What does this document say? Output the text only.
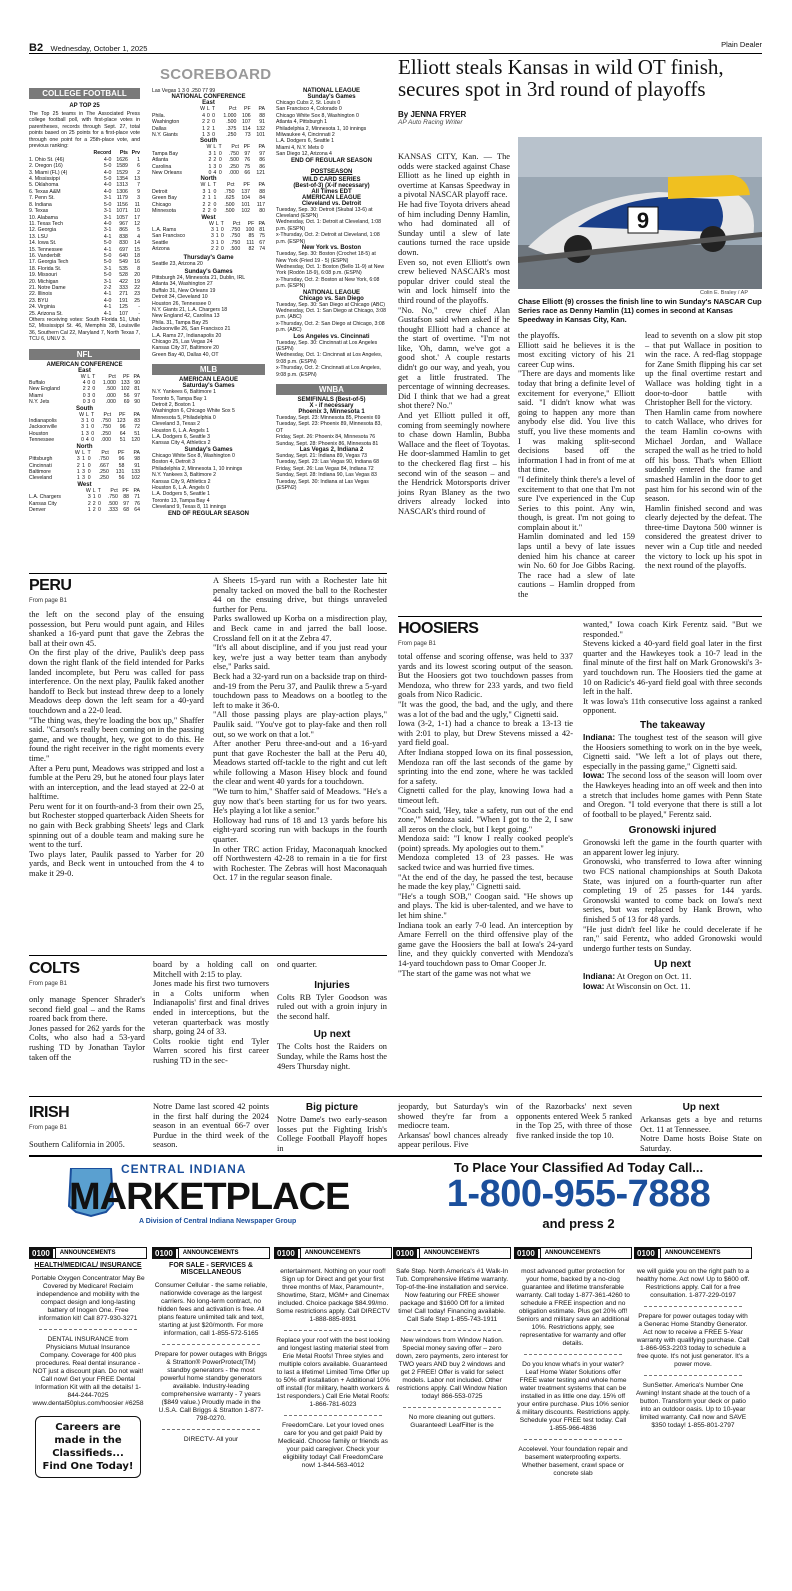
B2 Wednesday, October 1, 2025	Plain Dealer
SCOREBOARD
COLLEGE FOOTBALL
AP TOP 25
The Top 25 teams in The Associated Press college football poll, with first-place votes in parentheses, records through Sept. 27, total points based on 25 points for a first-place vote through one point for a 25th-place vote, and previous ranking:
	Record	Pts	Prv
1. Ohio St. (46)	4-0	1626	1
2. Oregon (16)	5-0	1589	6
3. Miami (FL) (4)	4-0	1529	2
4. Mississippi	5-0	1354	13
5. Oklahoma	4-0	1313	7
6. Texas A&M	4-0	1306	9
7. Penn St.	3-1	1179	3
8. Indiana	5-0	1156	11
9. Texas	3-1	1071	10
10. Alabama	3-1	1057	17
11. Texas Tech	4-0	967	12
12. Georgia	3-1	865	5
13. LSU	4-1	838	4
14. Iowa St.	5-0	830	14
15. Tennessee	4-1	697	15
16. Vanderbilt	5-0	640	18
17. Georgia Tech	5-0	549	16
18. Florida St.	3-1	535	8
19. Missouri	5-0	528	20
20. Michigan	3-1	422	19
21. Notre Dame	2-2	333	22
22. Illinois	4-1	271	23
23. BYU	4-0	191	25
24. Virginia	4-1	125	-
25. Arizona St.	4-1	107	-
Others receiving votes: South Florida 51, Utah 52, Mississippi St. 46, Memphis 38, Louisville 36, Southern Cal 22, Maryland 7, North Texas 7, TCU 6, UNLV 3.
NFL
AMERICAN CONFERENCE
East
	W	L	T	Pct	PF	PA
Buffalo	4	0	0	1.000	133	90
New England	2	2	0	.500	102	81
Miami	0	3	0	.000	56	97
N.Y. Jets	0	3	0	.000	69	90
South
	W	L	T	Pct	PF	PA
Indianapolis	3	1	0	.750	123	83
Jacksonville	3	1	0	.750	96	72
Houston	1	3	0	.250	64	51
Tennessee	0	4	0	.000	51	120
North
	W	L	T	Pct	PF	PA
Pittsburgh	3	1	0	.750	96	98
Cincinnati	2	1	0	.667	58	91
Baltimore	1	3	0	.250	131	133
Cleveland	1	3	0	.250	56	102
West
	W	L	T	Pct	PF	PA
L.A. Chargers	3	1	0	.750	88	71
Kansas City	2	2	0	.500	97	76
Denver	1	2	0	.333	68	64
Las Vegas 1 3 0 .250 77 99
NATIONAL CONFERENCE
East
	W	L	T	Pct	PF	PA
Phila.	4	0	0	1.000	106	88
Washington	2	2	0	.500	107	91
Dallas	1	2	1	.375	114	132
N.Y. Giants	1	3	0	.250	73	101
South
	W	L	T	Pct	PF	PA
Tampa Bay	3	1	0	.750	97	97
Atlanta	2	2	0	.500	76	86
Carolina	1	3	0	.250	75	86
New Orleans	0	4	0	.000	66	121
North
	W	L	T	Pct	PF	PA
Detroit	3	1	0	.750	137	88
Green Bay	2	1	1	.625	104	84
Chicago	2	2	0	.500	101	117
Minnesota	2	2	0	.500	102	80
West
	W	L	T	Pct	PF	PA
L.A. Rams	3	1	0	.750	100	81
San Francisco	3	1	0	.750	85	75
Seattle	3	1	0	.750	111	67
Arizona	2	2	0	.500	82	74
Thursday's Game
Seattle 23, Arizona 20
Sunday's Games
Pittsburgh 24, Minnesota 21, Dublin, IRL
Atlanta 34, Washington 27
Buffalo 31, New Orleans 19
Detroit 34, Cleveland 10
Houston 26, Tennessee 0
N.Y. Giants 21, L.A. Chargers 18
New England 42, Carolina 13
Phila. 31, Tampa Bay 25
Jacksonville 26, San Francisco 21
L.A. Rams 27, Indianapolis 20
Chicago 25, Las Vegas 24
Kansas City 37, Baltimore 20
Green Bay 40, Dallas 40, OT
MLB
AMERICAN LEAGUE
Saturday's Games
N.Y. Yankees 6, Baltimore 1
Toronto 5, Tampa Bay 1
Detroit 2, Boston 1
Washington 6, Chicago White Sox 5
Minnesota 5, Philadelphia 0
Cleveland 3, Texas 2
Houston 6, L.A. Angels 1
L.A. Dodgers 6, Seattle 3
Kansas City 4, Athletics 2
Sunday's Games
Chicago White Sox 8, Washington 0
Boston 4, Detroit 3
Philadelphia 2, Minnesota 1, 10 innings
N.Y. Yankees 3, Baltimore 2
Kansas City 9, Athletics 2
Houston 6, L.A. Angels 0
L.A. Dodgers 5, Seattle 1
Toronto 13, Tampa Bay 4
Cleveland 9, Texas 8, 11 innings
END OF REGULAR SEASON
NATIONAL LEAGUE
Sunday's Games
Chicago Cubs 2, St. Louis 0
San Francisco 4, Colorado 0
Chicago White Sox 8, Washington 0
Atlanta 4, Pittsburgh 1
Philadelphia 2, Minnesota 1, 10 innings
Milwaukee 4, Cincinnati 2
L.A. Dodgers 6, Seattle 1
Miami 4, N.Y. Mets 0
San Diego 12, Arizona 4
END OF REGULAR SEASON
POSTSEASON
WILD CARD SERIES
(Best-of-3) (X-if necessary)
All Times EDT
AMERICAN LEAGUE
Cleveland vs. Detroit
Tuesday, Sep. 30: Detroit (Skubal 13-6) at Cleveland (ESPN)
Wednesday, Oct. 1: Detroit at Cleveland, 1:08 p.m. (ESPN)
x-Thursday, Oct. 2: Detroit at Cleveland, 1:08 p.m. (ESPN)
New York vs. Boston
Tuesday, Sep. 30: Boston (Crochet 18-5) at New York (Fried 19 - 5) (ESPN)
Wednesday, Oct. 1: Boston (Bello 11-9) at New York (Rodón 18-9), 6:08 p.m. (ESPN)
x-Thursday, Oct. 2: Boston at New York, 6:08 p.m. (ESPN)
NATIONAL LEAGUE
Chicago vs. San Diego
Tuesday, Sep. 30: San Diego at Chicago (ABC)
Wednesday, Oct. 1: San Diego at Chicago, 3:08 p.m. (ABC)
x-Thursday, Oct. 2: San Diego at Chicago, 3:08 p.m. (ABC)
Los Angeles vs. Cincinnati
Tuesday, Sep. 30: Cincinnati at Los Angeles (ESPN)
Wednesday, Oct. 1: Cincinnati at Los Angeles, 9:08 p.m. (ESPN)
x-Thursday, Oct. 2: Cincinnati at Los Angeles, 9:08 p.m. (ESPN)
WNBA
SEMIFINALS (Best-of-5)
X - if necessary
Phoenix 3, Minnesota 1
Tuesday, Sept. 23: Minnesota 85, Phoenix 69
Tuesday, Sept. 23: Phoenix 89, Minnesota 83, OT
Friday, Sept. 26: Phoenix 84, Minnesota 76
Sunday, Sept. 28: Phoenix 86, Minnesota 81
Las Vegas 2, Indiana 2
Sunday, Sept. 21: Indiana 89, Vegas 73
Tuesday, Sept. 23: Las Vegas 90, Indiana 68
Friday, Sept. 26: Las Vegas 84, Indiana 72
Sunday, Sept. 28: Indiana 90, Las Vegas 83
Tuesday, Sept. 30: Indiana at Las Vegas (ESPN2)
Elliott steals Kansas in wild OT finish, secures spot in 3rd round of playoffs
By JENNA FRYER
AP Auto Racing Writer
KANSAS CITY, Kan. — The odds were stacked against Chase Elliott as he lined up eighth in overtime at Kansas Speedway in a pivotal NASCAR playoff race.
He had five Toyota drivers ahead of him including Denny Hamlin, who had dominated all of Sunday until a slew of late cautions turned the race upside down.
Even so, not even Elliott's own crew believed NASCAR's most popular driver could steal the win and lock himself into the third round of the playoffs.
"No. No," crew chief Alan Gustafson said when asked if he thought Elliott had a chance at the start of overtime. "I'm not like, 'Oh, damn, we've got a good shot.' A couple restarts didn't go our way, and yeah, you get a little frustrated. The percentage of winning decreases. Did I think that we had a great shot there? No."
And yet Elliott pulled it off, coming from seemingly nowhere to chase down Hamlin, Bubba Wallace and the fleet of Toyotas. He door-slammed Hamlin to get to the checkered flag first – his second win of the season – and the Hendrick Motorsports driver joins Ryan Blaney as the two drivers already locked into NASCAR's third round of
9
Colin E. Braley / AP
Chase Elliott (9) crosses the finish line to win Sunday's NASCAR Cup Series race as Denny Hamlin (11) comes in second at Kansas Speedway in Kansas City, Kan.
the playoffs.
Elliott said he believes it is the most exciting victory of his 21 career Cup wins.
"There are days and moments like today that bring a definite level of excitement for everyone," Elliott said. "I didn't know what was going to happen any more than anybody else did. You live this stuff, you live these moments and I was making split-second decisions based off the information I had in front of me at that time.
"I definitely think there's a level of excitement to that one that I'm not sure I've experienced in the Cup Series to this point. Any win, though, is great. I'm not going to complain about it."
Hamlin dominated and led 159 laps until a bevy of late issues denied him his chance at career win No. 60 for Joe Gibbs Racing. The race had a slew of late cautions – Hamlin dropped from the
lead to seventh on a slow pit stop – that put Wallace in position to win the race. A red-flag stoppage for Zane Smith flipping his car set up the final overtime restart and Wallace was holding tight in a door-to-door battle with Christopher Bell for the victory.
Then Hamlin came from nowhere to catch Wallace, who drives for the team Hamlin co-owns with Michael Jordan, and Wallace scraped the wall as he tried to hold off his boss. That's when Elliott suddenly entered the frame and smashed Hamlin in the door to get past him for his second win of the season.
Hamlin finished second and was clearly dejected by the defeat. The three-time Daytona 500 winner is considered the greatest driver to never win a Cup title and needed the victory to lock up his spot in the next round of the playoffs.
PERU
From page B1
the left on the second play of the ensuing possession, but Peru would punt again, and Hiles shanked a 16-yard punt that gave the Zebras the ball at their own 45.
On the first play of the drive, Paulik's deep pass down the right flank of the field intended for Parks landed incomplete, but Peru was called for pass interference. On the next play, Paulik faked another handoff to Beck but instead threw deep to a lonely Meadows deep down the left seam for a 40-yard touchdown and a 22-0 lead.
"The thing was, they're loading the box up," Shaffer said. "Carson's really been coming on in the passing game, and we thought, hey, we got to do this. He found the right receiver in the right moments every time."
After a Peru punt, Meadows was stripped and lost a fumble at the Peru 29, but he atoned four plays later with an interception, and the lead stayed at 22-0 at halftime.
Peru went for it on fourth-and-3 from their own 25, but Rochester stopped quarterback Aiden Sheets for no gain with Beck grabbing Sheets' legs and Clark spinning out of a double team and making sure he went to the turf.
Two plays later, Paulik passed to Yarber for 20 yards, and Beck went in untouched from the 4 to make it 29-0.
A Sheets 15-yard run with a Rochester late hit penalty tacked on moved the ball to the Rochester 44 on the ensuing drive, but things unraveled further for Peru.
Parks swallowed up Korba on a misdirection play, and Beck came in and jarred the ball loose. Crossland fell on it at the Zebra 47.
"It's all about discipline, and if you just read your key, we're just a way better team than anybody else," Parks said.
Beck had a 32-yard run on a backside trap on third-and-19 from the Peru 37, and Paulik threw a 5-yard touchdown pass to Meadows on a bootleg to the left to make it 36-0.
"All those passing plays are play-action plays," Paulik said. "You've got to play-fake and then roll out, so we work on that a lot."
After another Peru three-and-out and a 16-yard punt that gave Rochester the ball at the Peru 40, Meadows started off-tackle to the right and cut left while following a Mason Hisey block and found the clear and went 40 yards for a touchdown.
"We turn to him," Shaffer said of Meadows. "He's a guy now that's been starting for us for two years. He's playing a lot like a senior."
Holloway had runs of 18 and 13 yards before his eight-yard scoring run with backups in the fourth quarter.
In other TRC action Friday, Maconaquah knocked off Northwestern 42-28 to remain in a tie for first with Rochester. The Zebras will host Maconaquah Oct. 17 in the regular season finale.
HOOSIERS
From page B1
total offense and scoring offense, was held to 337 yards and its lowest scoring output of the season. But the Hoosiers got two touchdown passes from Mendoza, who threw for 233 yards, and two field goals from Nico Radicic.
"It was the good, the bad, and the ugly, and there was a lot of the bad and the ugly," Cignetti said.
Iowa (3-2, 1-1) had a chance to break a 13-13 tie with 2:01 to play, but Drew Stevens missed a 42-yard field goal.
After Indiana stopped Iowa on its final possession, Mendoza ran off the last seconds of the game by sprinting into the end zone, where he was tackled for a safety.
Cignetti called for the play, knowing Iowa had a timeout left.
"Coach said, 'Hey, take a safety, run out of the end zone,'" Mendoza said. "When I got to the 2, I saw all zeros on the clock, but I kept going."
Mendoza said: "I know I really cooked people's (point) spreads. My apologies out to them."
Mendoza completed 13 of 23 passes. He was sacked twice and was hurried five times.
"At the end of the day, he passed the test, because he made the key play," Cignetti said.
"He's a tough SOB," Coogan said. "He shows up and plays. The kid is uber-talented, and we have to let him shine."
Indiana took an early 7-0 lead. An interception by Amare Ferrell on the third offensive play of the game gave the Hoosiers the ball at Iowa's 24-yard line, and they quickly converted with Mendoza's 14-yard touchdown pass to Omar Cooper Jr.
"The start of the game was not what we
wanted," Iowa coach Kirk Ferentz said. "But we responded."
Stevens kicked a 40-yard field goal later in the first quarter and the Hawkeyes took a 10-7 lead in the final minute of the first half on Mark Gronowski's 3-yard touchdown run. The Hoosiers tied the game at 10 on Radicic's 46-yard field goal with three seconds left in the half.
It was Iowa's 11th consecutive loss against a ranked opponent.
The takeaway
Indiana: The toughest test of the season will give the Hoosiers something to work on in the bye week, Cignetti said. "We left a lot of plays out there, especially in the passing game," Cignetti said.
Iowa: The second loss of the season will loom over the Hawkeyes heading into an off week and then into a stretch that includes home games with Penn State and Oregon. "I told everyone that there is still a lot of football to be played," Ferentz said.
Gronowski injured
Gronowski left the game in the fourth quarter with an apparent lower leg injury.
Gronowski, who transferred to Iowa after winning two FCS national championships at South Dakota State, was injured on a fourth-quarter run after completing 19 of 25 passes for 144 yards. Gronowski wanted to come back on Iowa's next series, but was replaced by Hank Brown, who finished 5 of 13 for 48 yards.
"He just didn't feel like he could decelerate if he ran," said Ferentz, who added Gronowski would undergo further tests on Sunday.
Up next
Indiana: At Oregon on Oct. 11.
Iowa: At Wisconsin on Oct. 11.
COLTS
From page B1
only manage Spencer Shrader's second field goal – and the Rams roared back from there.
Jones passed for 262 yards for the Colts, who also had a 53-yard rushing TD by Jonathan Taylor taken off the
board by a holding call on Mitchell with 2:15 to play.
Jones made his first two turnovers in a Colts uniform when Indianapolis' first and final drives ended in interceptions, but the veteran quarterback was mostly sharp, going 24 of 33.
Colts rookie tight end Tyler Warren scored his first career rushing TD in the sec-
ond quarter.
Injuries
Colts RB Tyler Goodson was ruled out with a groin injury in the second half.
Up next
The Colts host the Raiders on Sunday, while the Rams host the 49ers Thursday night.
IRISH
From page B1
Southern California in 2005.
Notre Dame last scored 42 points in the first half during the 2024 season in an eventual 66-7 over Purdue in the third week of the season.
Big picture
Notre Dame's two early-season losses put the Fighting Irish's College Football Playoff hopes in
jeopardy, but Saturday's win showed they're far from a mediocre team.
Arkansas' bowl chances already appear perilous. Five
of the Razorbacks' next seven opponents entered Week 5 ranked in the Top 25, with three of those five ranked inside the top 10.
Up next
Arkansas gets a bye and returns Oct. 11 at Tennessee.
Notre Dame hosts Boise State on Saturday.
CENTRAL INDIANA
MARKETPLACE
A Division of Central Indiana Newspaper Group
To Place Your Classified Ad Today Call...
1-800-955-7888
and press 2
0100	ANNOUNCEMENTS
HEALTH/MEDICAL/ INSURANCE
Portable Oxygen Concentrator May Be Covered by Medicare! Reclaim independence and mobility with the compact design and long-lasting battery of Inogen One. Free information kit! Call 877-930-3271
DENTAL INSURANCE from Physicians Mutual Insurance Company. Coverage for 400 plus procedures. Real dental insurance - NOT just a discount plan. Do not wait! Call now! Get your FREE Dental Information Kit with all the details! 1-844-244-7025 www.dental50plus.com/hoosier #6258
Careers are made in the Classifieds... Find One Today!
0100	ANNOUNCEMENTS
FOR SALE - SERVICES & MISCELLANEOUS
Consumer Cellular - the same reliable, nationwide coverage as the largest carriers. No long-term contract, no hidden fees and activation is free. All plans feature unlimited talk and text, starting at just $20/month. For more information, call 1-855-572-5165
Prepare for power outages with Briggs & Stratton® PowerProtect(TM) standby generators - the most powerful home standby generators available. Industry-leading comprehensive warranty - 7 years ($849 value.) Proudly made in the U.S.A. Call Briggs & Stratton 1-877-798-0270.
DIRECTV- All your
0100	ANNOUNCEMENTS
entertainment. Nothing on your roof! Sign up for Direct and get your first three months of Max, Paramount+, Showtime, Starz, MGM+ and Cinemax included. Choice package $84.99/mo. Some restrictions apply. Call DIRECTV 1-888-885-8931
Replace your roof with the best looking and longest lasting material steel from Erie Metal Roofs! Three styles and multiple colors available. Guaranteed to last a lifetime! Limited Time Offer up to 50% off installation + Additional 10% off install (for military, health workers & 1st responders.) Call Erie Metal Roofs: 1-866-781-6023
FreedomCare. Let your loved ones care for you and get paid! Paid by Medicaid. Choose family or friends as your paid caregiver. Check your eligibility today! Call FreedomCare now! 1-844-563-4012
0100	ANNOUNCEMENTS
Safe Step. North America's #1 Walk-In Tub. Comprehensive lifetime warranty. Top-of-the-line installation and service. Now featuring our FREE shower package and $1600 Off for a limited time! Call today! Financing available. Call Safe Step 1-855-743-1911
New windows from Window Nation. Special money saving offer – zero down, zero payments, zero interest for TWO years AND buy 2 windows and get 2 FREE! Offer is valid for select models. Labor not included. Other restrictions apply. Call Window Nation today! 866-553-0725
No more cleaning out gutters. Guaranteed! LeafFilter is the
0100	ANNOUNCEMENTS
most advanced gutter protection for your home, backed by a no-clog guarantee and lifetime transferable warranty. Call today 1-877-361-4260 to schedule a FREE inspection and no obligation estimate. Plus get 20% off! Seniors and military save an additional 10%. Restrictions apply, see representative for warranty and offer details.
Do you know what's in your water? Leaf Home Water Solutions offer FREE water testing and whole home water treatment systems that can be installed in as little one day. 15% off your entire purchase. Plus 10% senior & military discounts. Restrictions apply. Schedule your FREE test today. Call 1-855-966-4836
Accelevel. Your foundation repair and basement waterproofing experts. Whether basement, crawl space or concrete slab
0100	ANNOUNCEMENTS
we will guide you on the right path to a healthy home. Act now! Up to $600 off. Restrictions apply. Call for a free consultation. 1-877-229-0197
Prepare for power outages today with a Generac Home Standby Generator. Act now to receive a FREE 5-Year warranty with qualifying purchase. Call 1-866-953-2203 today to schedule a free quote. It's not just generator. It's a power move.
SunSetter. America's Number One Awning! Instant shade at the touch of a button. Transform your deck or patio into an outdoor oasis. Up to 10-year limited warranty. Call now and SAVE $350 today! 1-855-801-2797
